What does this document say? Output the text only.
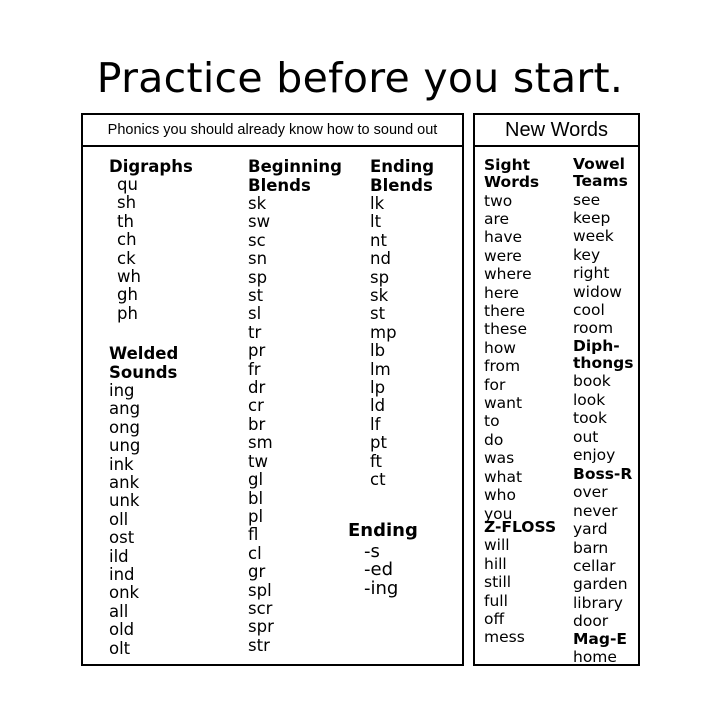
Practice before you start.
Phonics you should already know how to sound out
Digraphs
qu
sh
th
ch
ck
wh
gh
ph
Welded
Sounds
ing
ang
ong
ung
ink
ank
unk
oll
ost
ild
ind
onk
all
old
olt
Beginning
Blends
sk
sw
sc
sn
sp
st
sl
tr
pr
fr
dr
cr
br
sm
tw
gl
bl
pl
fl
cl
gr
spl
scr
spr
str
Ending
Blends
lk
lt
nt
nd
sp
sk
st
mp
lb
lm
lp
ld
lf
pt
ft
ct
Ending
-s
-ed
-ing
New Words
Sight
Words
two
are
have
were
where
here
there
these
how
from
for
want
to
do
was
what
who
you
Z-FLOSS
will
hill
still
full
off
mess
Vowel
Teams
see
keep
week
key
right
widow
cool
room
Diph-
thongs
book
look
took
out
enjoy
Boss-R
over
never
yard
barn
cellar
garden
library
door
Mag-E
home
